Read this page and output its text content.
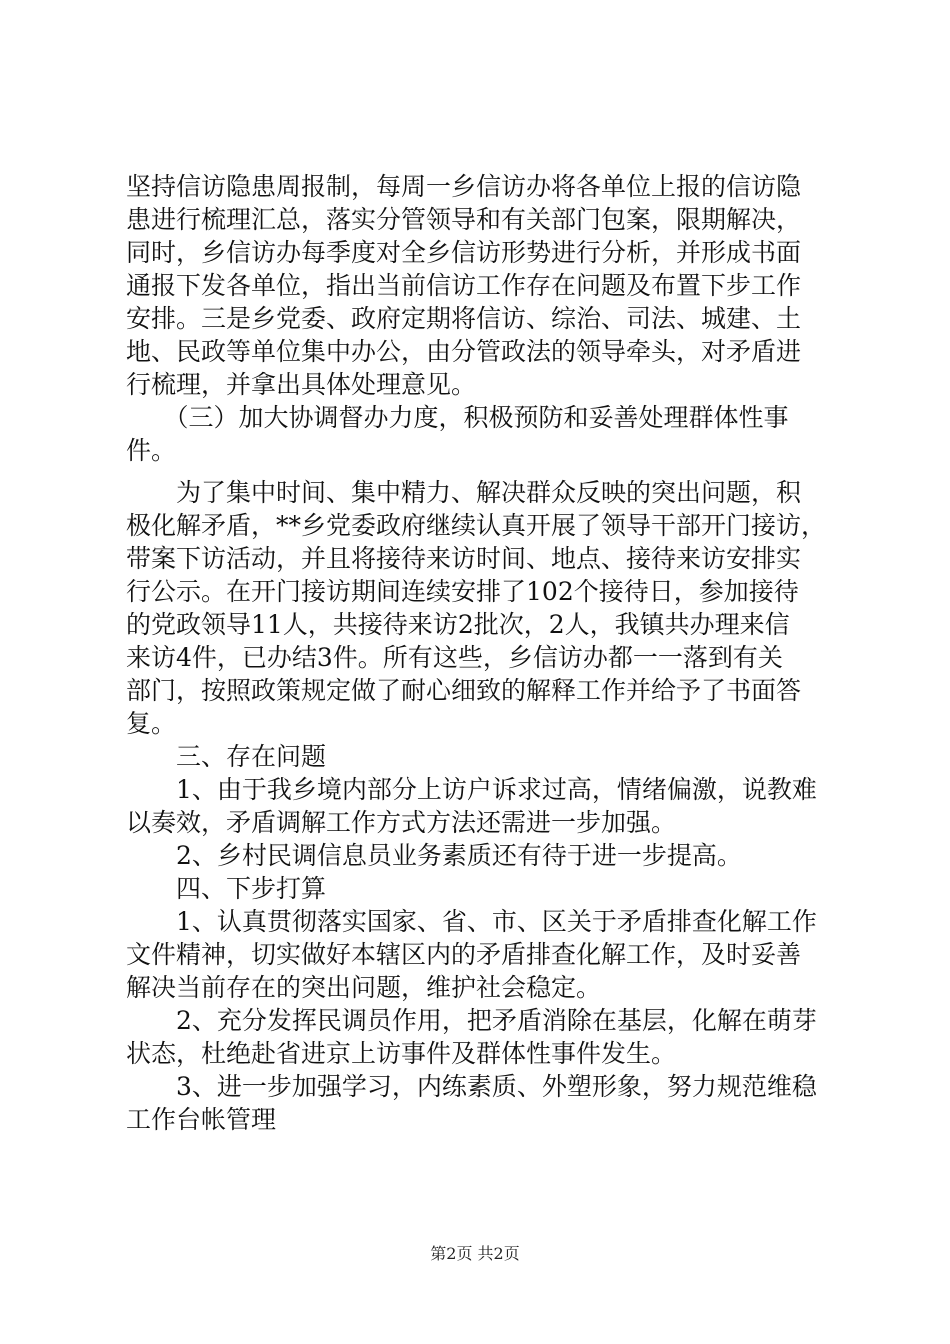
坚持信访隐患周报制，每周一乡信访办将各单位上报的信访隐
患进行梳理汇总，落实分管领导和有关部门包案，限期解决，
同时，乡信访办每季度对全乡信访形势进行分析，并形成书面
通报下发各单位，指出当前信访工作存在问题及布置下步工作
安排。三是乡党委、政府定期将信访、综治、司法、城建、土
地、民政等单位集中办公，由分管政法的领导牵头，对矛盾进
行梳理，并拿出具体处理意见。
　　（三）加大协调督办力度，积极预防和妥善处理群体性事
件。
　　为了集中时间、集中精力、解决群众反映的突出问题，积
极化解矛盾，**乡党委政府继续认真开展了领导干部开门接访，
带案下访活动，并且将接待来访时间、地点、接待来访安排实
行公示。在开门接访期间连续安排了102个接待日，参加接待
的党政领导11人，共接待来访2批次，2人，我镇共办理来信
来访4件，已办结3件。所有这些，乡信访办都一一落到有关
部门，按照政策规定做了耐心细致的解释工作并给予了书面答
复。
　　三、存在问题
　　1、由于我乡境内部分上访户诉求过高，情绪偏激，说教难
以奏效，矛盾调解工作方式方法还需进一步加强。
　　2、乡村民调信息员业务素质还有待于进一步提高。
　　四、下步打算
　　1、认真贯彻落实国家、省、市、区关于矛盾排查化解工作
文件精神，切实做好本辖区内的矛盾排查化解工作，及时妥善
解决当前存在的突出问题，维护社会稳定。
　　2、充分发挥民调员作用，把矛盾消除在基层，化解在萌芽
状态，杜绝赴省进京上访事件及群体性事件发生。
　　3、进一步加强学习，内练素质、外塑形象，努力规范维稳
工作台帐管理
第2页 共2页
